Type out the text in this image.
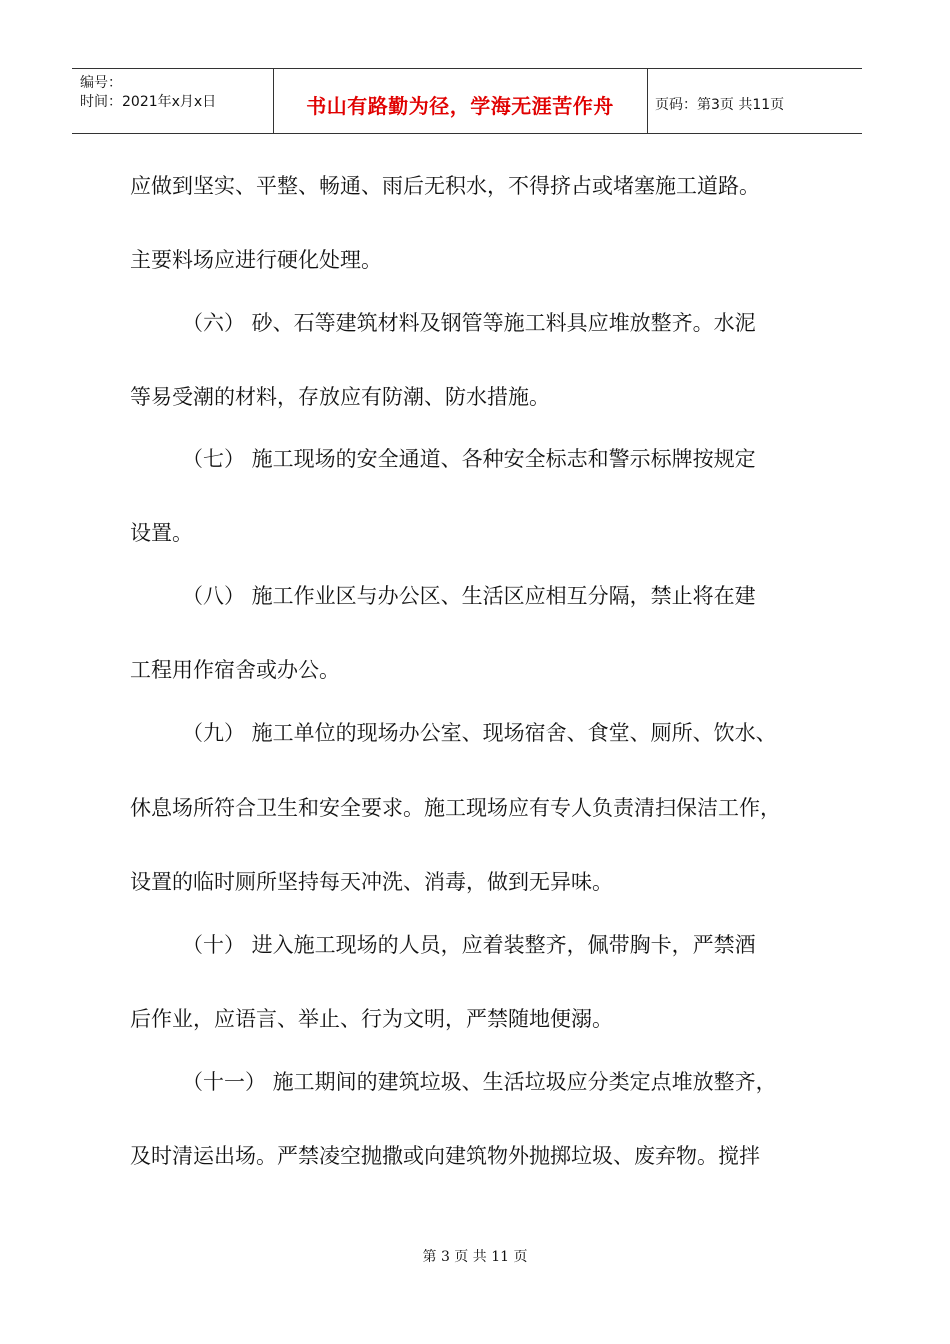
编号：
时间：2021年x月x日	书山有路勤为径，学海无涯苦作舟	页码：第3页 共11页
应做到坚实、平整、畅通、雨后无积水，不得挤占或堵塞施工道路。
主要料场应进行硬化处理。
（六） 砂、石等建筑材料及钢管等施工料具应堆放整齐。水泥
等易受潮的材料，存放应有防潮、防水措施。
（七） 施工现场的安全通道、各种安全标志和警示标牌按规定
设置。
（八） 施工作业区与办公区、生活区应相互分隔，禁止将在建
工程用作宿舍或办公。
（九） 施工单位的现场办公室、现场宿舍、食堂、厕所、饮水、
休息场所符合卫生和安全要求。施工现场应有专人负责清扫保洁工作，
设置的临时厕所坚持每天冲洗、消毒，做到无异味。
（十） 进入施工现场的人员，应着装整齐，佩带胸卡，严禁酒
后作业，应语言、举止、行为文明，严禁随地便溺。
（十一） 施工期间的建筑垃圾、生活垃圾应分类定点堆放整齐，
及时清运出场。严禁凌空抛撒或向建筑物外抛掷垃圾、废弃物。搅拌
第 3 页 共 11 页
